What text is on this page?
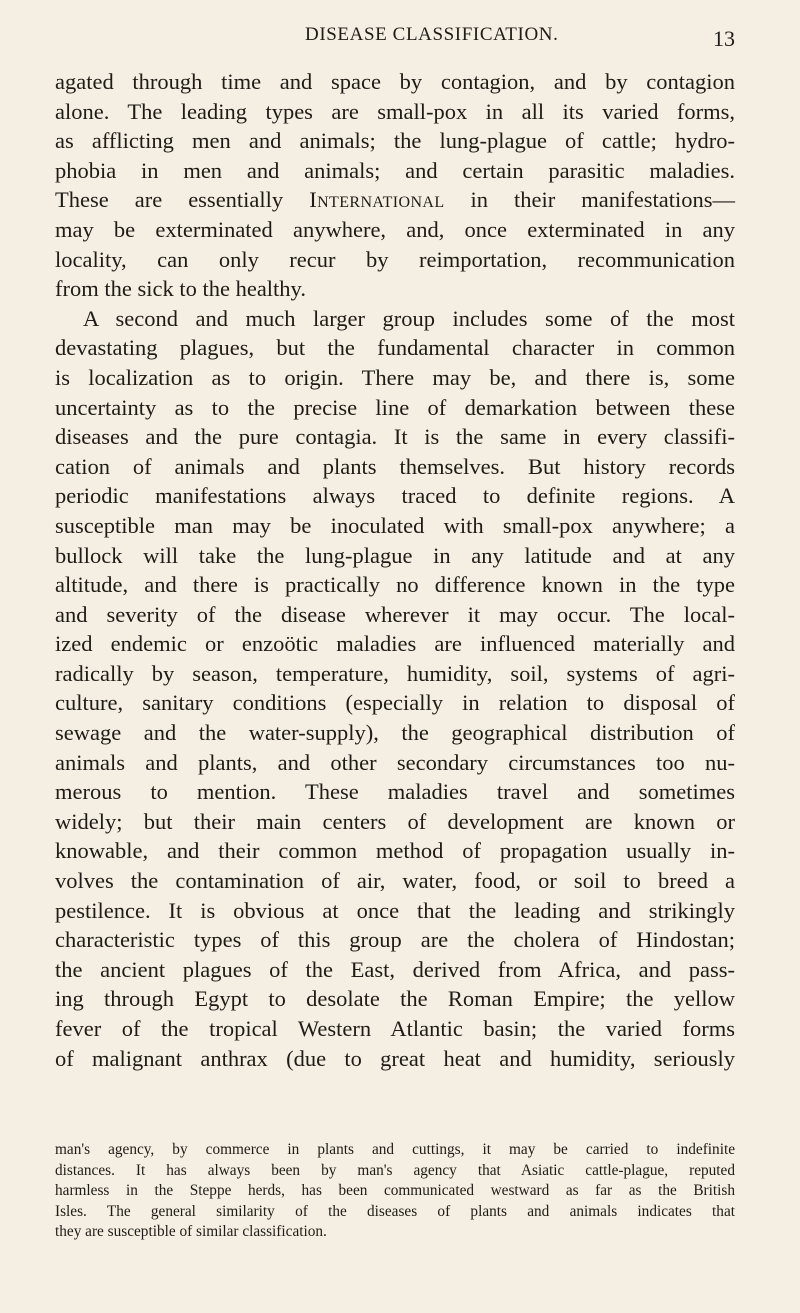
DISEASE CLASSIFICATION.	13
agated through time and space by contagion, and by contagion
alone. The leading types are small-pox in all its varied forms,
as afflicting men and animals; the lung-plague of cattle; hydro-
phobia in men and animals; and certain parasitic maladies.
These are essentially International in their manifestations—
may be exterminated anywhere, and, once exterminated in any
locality, can only recur by reimportation, recommunication
from the sick to the healthy.
A second and much larger group includes some of the most
devastating plagues, but the fundamental character in common
is localization as to origin. There may be, and there is, some
uncertainty as to the precise line of demarkation between these
diseases and the pure contagia. It is the same in every classifi-
cation of animals and plants themselves. But history records
periodic manifestations always traced to definite regions. A
susceptible man may be inoculated with small-pox anywhere; a
bullock will take the lung-plague in any latitude and at any
altitude, and there is practically no difference known in the type
and severity of the disease wherever it may occur. The local-
ized endemic or enzoötic maladies are influenced materially and
radically by season, temperature, humidity, soil, systems of agri-
culture, sanitary conditions (especially in relation to disposal of
sewage and the water-supply), the geographical distribution of
animals and plants, and other secondary circumstances too nu-
merous to mention. These maladies travel and sometimes
widely; but their main centers of development are known or
knowable, and their common method of propagation usually in-
volves the contamination of air, water, food, or soil to breed a
pestilence. It is obvious at once that the leading and strikingly
characteristic types of this group are the cholera of Hindostan;
the ancient plagues of the East, derived from Africa, and pass-
ing through Egypt to desolate the Roman Empire; the yellow
fever of the tropical Western Atlantic basin; the varied forms
of malignant anthrax (due to great heat and humidity, seriously
man's agency, by commerce in plants and cuttings, it may be carried to indefinite
distances. It has always been by man's agency that Asiatic cattle-plague, reputed
harmless in the Steppe herds, has been communicated westward as far as the British
Isles. The general similarity of the diseases of plants and animals indicates that
they are susceptible of similar classification.
